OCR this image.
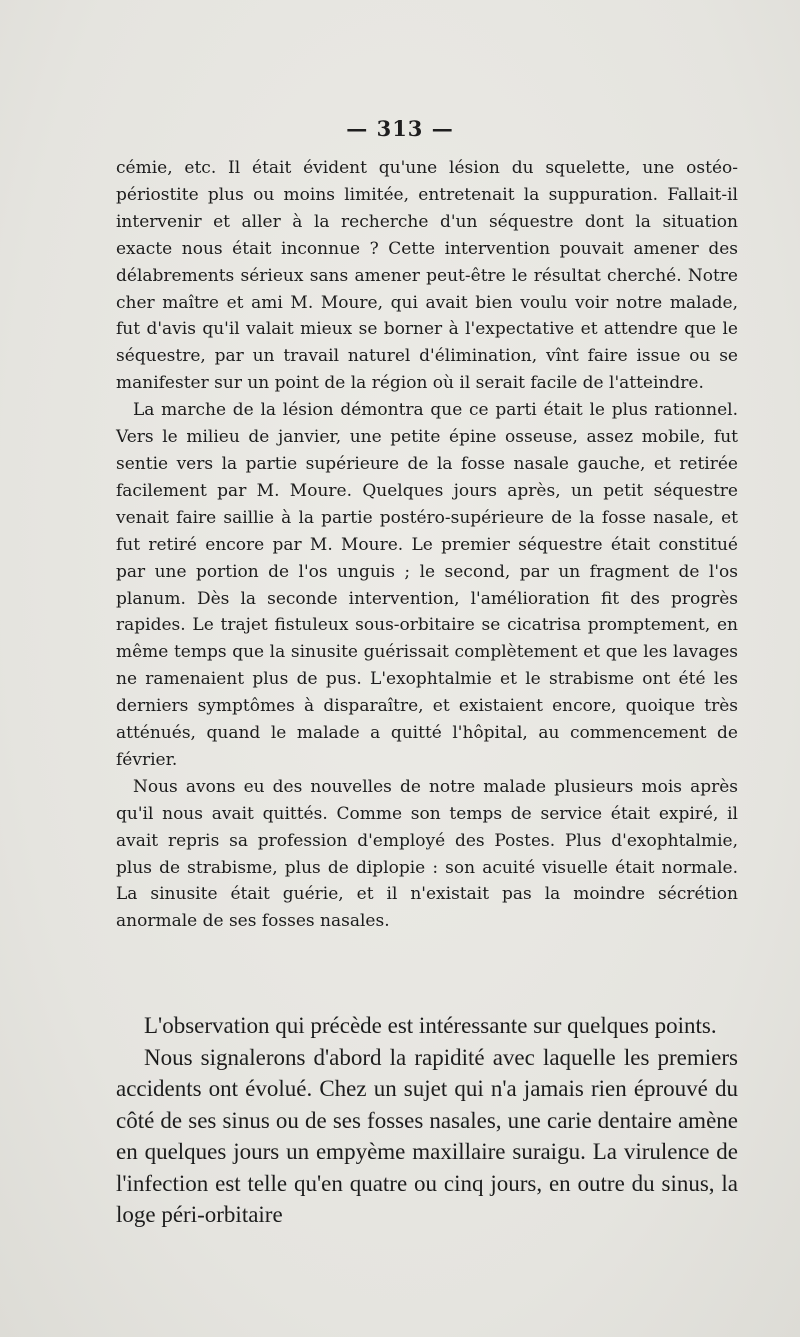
— 313 —

cémie, etc. Il était évident qu'une lésion du squelette, une ostéo-périostite plus ou moins limitée, entretenait la suppuration. Fallait-il intervenir et aller à la recherche d'un séquestre dont la situation exacte nous était inconnue ? Cette intervention pouvait amener des délabrements sérieux sans amener peut-être le résultat cherché. Notre cher maître et ami M. Moure, qui avait bien voulu voir notre malade, fut d'avis qu'il valait mieux se borner à l'expectative et attendre que le séquestre, par un travail naturel d'élimination, vînt faire issue ou se manifester sur un point de la région où il serait facile de l'atteindre.

La marche de la lésion démontra que ce parti était le plus rationnel. Vers le milieu de janvier, une petite épine osseuse, assez mobile, fut sentie vers la partie supérieure de la fosse nasale gauche, et retirée facilement par M. Moure. Quelques jours après, un petit séquestre venait faire saillie à la partie postéro-supérieure de la fosse nasale, et fut retiré encore par M. Moure. Le premier séquestre était constitué par une portion de l'os unguis ; le second, par un fragment de l'os planum. Dès la seconde intervention, l'amélioration fit des progrès rapides. Le trajet fistuleux sous-orbitaire se cicatrisa promptement, en même temps que la sinusite guérissait complètement et que les lavages ne ramenaient plus de pus. L'exophtalmie et le strabisme ont été les derniers symptômes à disparaître, et existaient encore, quoique très atténués, quand le malade a quitté l'hôpital, au commencement de février.

Nous avons eu des nouvelles de notre malade plusieurs mois après qu'il nous avait quittés. Comme son temps de service était expiré, il avait repris sa profession d'employé des Postes. Plus d'exophtalmie, plus de strabisme, plus de diplopie : son acuité visuelle était normale. La sinusite était guérie, et il n'existait pas la moindre sécrétion anormale de ses fosses nasales.

L'observation qui précède est intéressante sur quelques points.

Nous signalerons d'abord la rapidité avec laquelle les premiers accidents ont évolué. Chez un sujet qui n'a jamais rien éprouvé du côté de ses sinus ou de ses fosses nasales, une carie dentaire amène en quelques jours un empyème maxillaire suraigu. La virulence de l'infection est telle qu'en quatre ou cinq jours, en outre du sinus, la loge péri-orbitaire
